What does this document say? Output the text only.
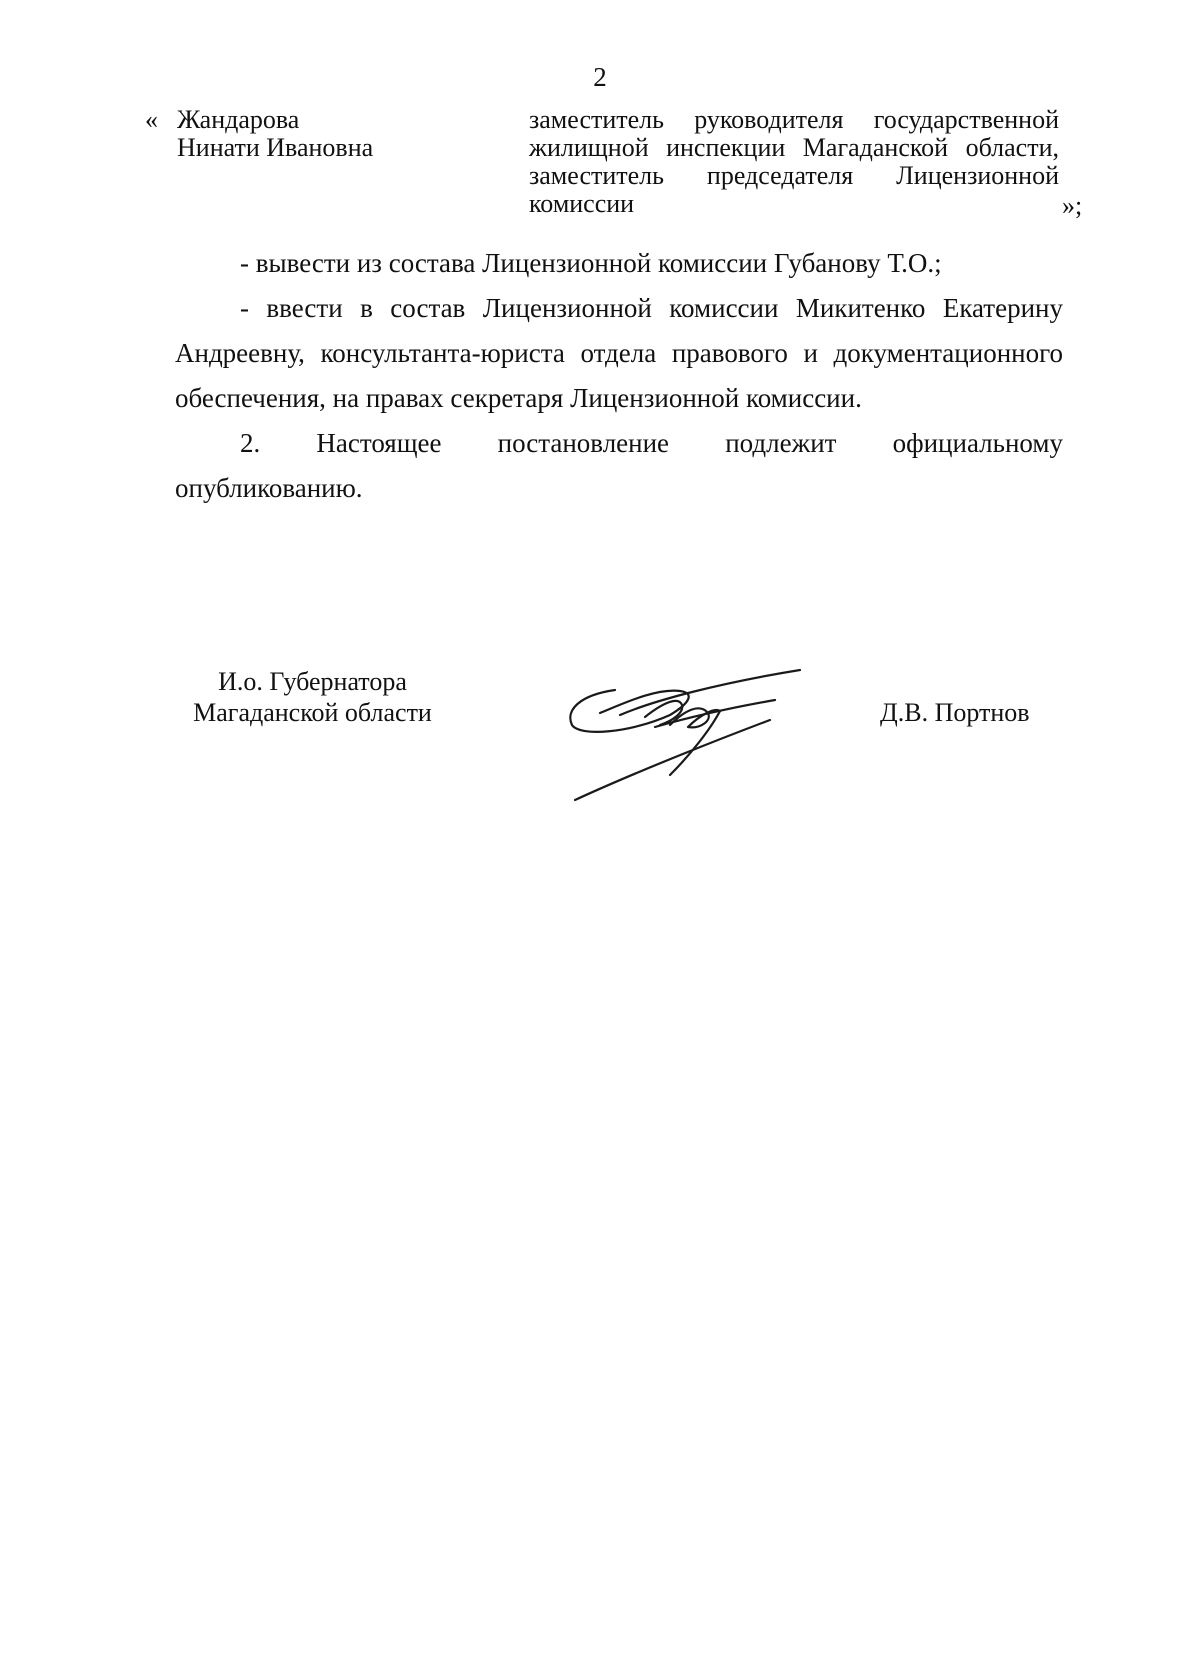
2
« Жандарова
Нинати Ивановна
заместитель руководителя государственной
жилищной инспекции Магаданской области,
заместитель председателя Лицензионной
комиссии	»;
- вывести из состава Лицензионной комиссии Губанову Т.О.;
- ввести в состав Лицензионной комиссии Микитенко Екатерину
Андреевну, консультанта-юриста отдела правового и документационного
обеспечения, на правах секретаря Лицензионной комиссии.
2. Настоящее постановление подлежит официальному
опубликованию.
И.о. Губернатора
Магаданской области	Д.В. Портнов
